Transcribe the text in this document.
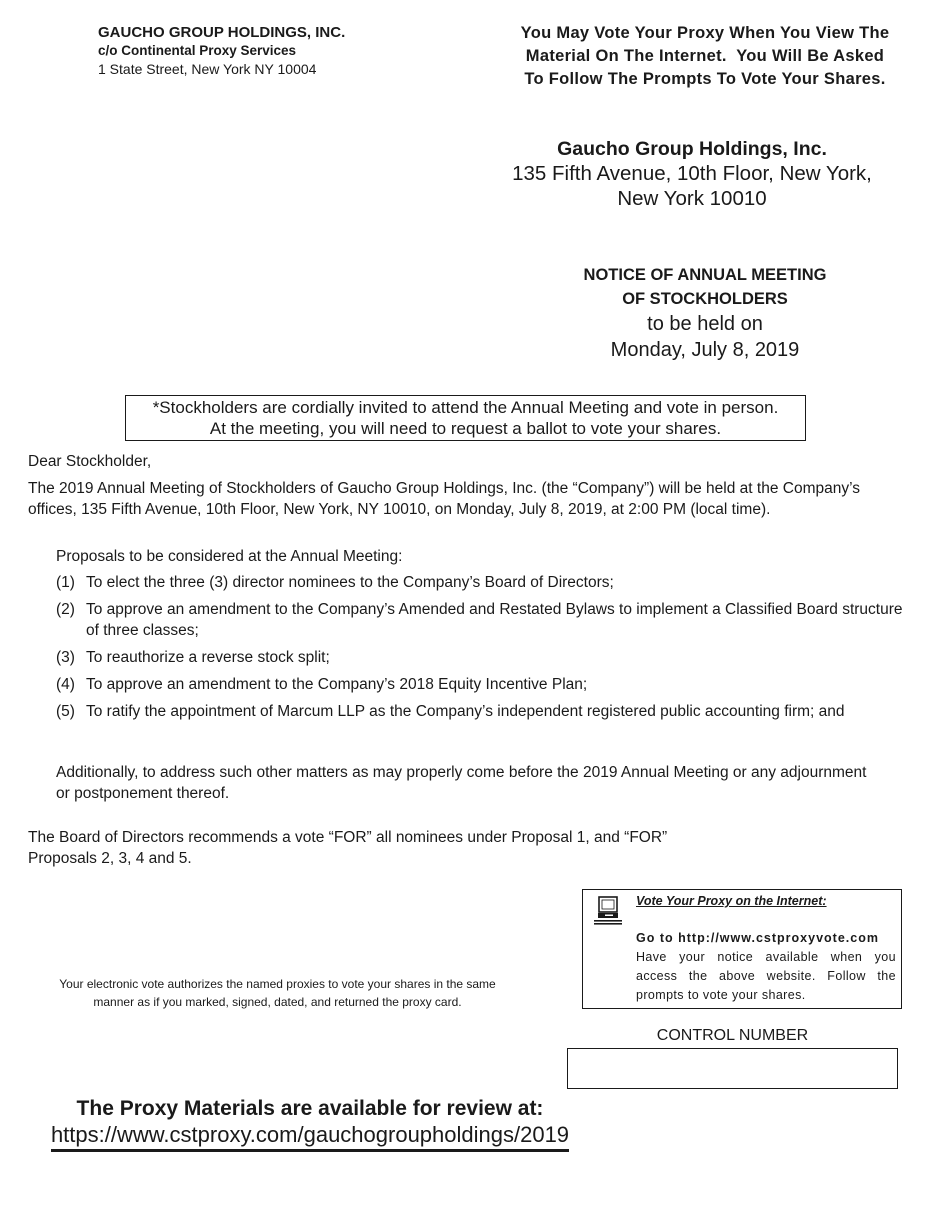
GAUCHO GROUP HOLDINGS, INC.
c/o Continental Proxy Services
1 State Street, New York NY 10004
You May Vote Your Proxy When You View The
Material On The Internet.  You Will Be Asked
To Follow The Prompts To Vote Your Shares.
Gaucho Group Holdings, Inc.
135 Fifth Avenue, 10th Floor, New York,
New York 10010
NOTICE OF ANNUAL MEETING
OF STOCKHOLDERS
to be held on
Monday, July 8, 2019
*Stockholders are cordially invited to attend the Annual Meeting and vote in person.
At the meeting, you will need to request a ballot to vote your shares.
Dear Stockholder,
The 2019 Annual Meeting of Stockholders of Gaucho Group Holdings, Inc. (the “Company”) will be held at the Company’s offices, 135 Fifth Avenue, 10th Floor, New York, NY 10010, on Monday, July 8, 2019, at 2:00 PM (local time).
Proposals to be considered at the Annual Meeting:
(1) To elect the three (3) director nominees to the Company’s Board of Directors;
(2) To approve an amendment to the Company’s Amended and Restated Bylaws to implement a Classified Board structure of three classes;
(3) To reauthorize a reverse stock split;
(4) To approve an amendment to the Company’s 2018 Equity Incentive Plan;
(5) To ratify the appointment of Marcum LLP as the Company’s independent registered public accounting firm; and
Additionally, to address such other matters as may properly come before the 2019 Annual Meeting or any adjournment or postponement thereof.
The Board of Directors recommends a vote “FOR” all nominees under Proposal 1, and “FOR”
Proposals 2, 3, 4 and 5.
Vote Your Proxy on the Internet:
Go to http://www.cstproxyvote.com
Have your notice available when you access the above website. Follow the prompts to vote your shares.
Your electronic vote authorizes the named proxies to vote your shares in the same
manner as if you marked, signed, dated, and returned the proxy card.
CONTROL NUMBER
The Proxy Materials are available for review at:
https://www.cstproxy.com/gauchogroupholdings/2019
